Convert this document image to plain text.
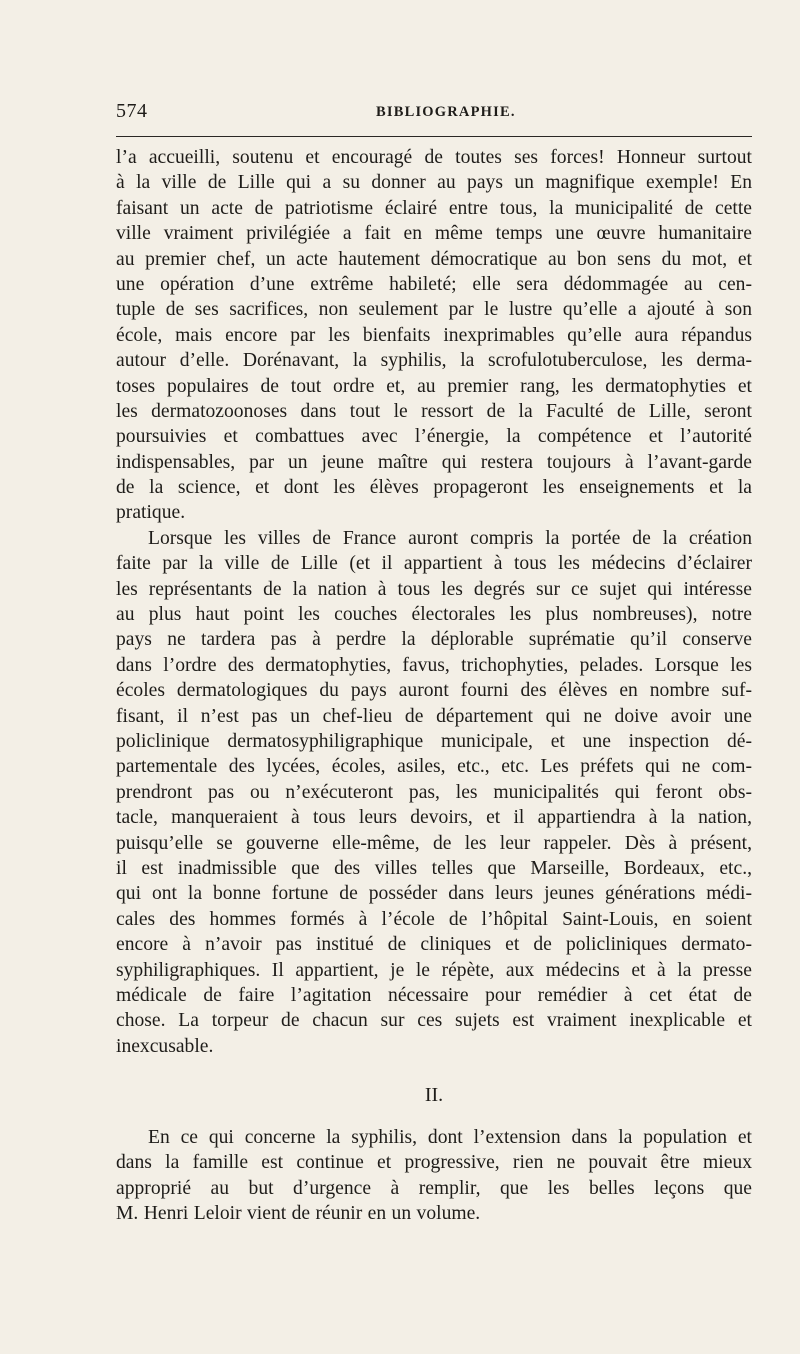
574	BIBLIOGRAPHIE.
l’a accueilli, soutenu et encouragé de toutes ses forces! Honneur surtout
à la ville de Lille qui a su donner au pays un magnifique exemple! En
faisant un acte de patriotisme éclairé entre tous, la municipalité de cette
ville vraiment privilégiée a fait en même temps une œuvre humanitaire
au premier chef, un acte hautement démocratique au bon sens du mot, et
une opération d’une extrême habileté; elle sera dédommagée au cen-
tuple de ses sacrifices, non seulement par le lustre qu’elle a ajouté à son
école, mais encore par les bienfaits inexprimables qu’elle aura répandus
autour d’elle. Dorénavant, la syphilis, la scrofulotuberculose, les derma-
toses populaires de tout ordre et, au premier rang, les dermatophyties et
les dermatozoonoses dans tout le ressort de la Faculté de Lille, seront
poursuivies et combattues avec l’énergie, la compétence et l’autorité
indispensables, par un jeune maître qui restera toujours à l’avant-garde
de la science, et dont les élèves propageront les enseignements et la
pratique.
Lorsque les villes de France auront compris la portée de la création
faite par la ville de Lille (et il appartient à tous les médecins d’éclairer
les représentants de la nation à tous les degrés sur ce sujet qui intéresse
au plus haut point les couches électorales les plus nombreuses), notre
pays ne tardera pas à perdre la déplorable suprématie qu’il conserve
dans l’ordre des dermatophyties, favus, trichophyties, pelades. Lorsque les
écoles dermatologiques du pays auront fourni des élèves en nombre suf-
fisant, il n’est pas un chef-lieu de département qui ne doive avoir une
policlinique dermatosyphiligraphique municipale, et une inspection dé-
partementale des lycées, écoles, asiles, etc., etc. Les préfets qui ne com-
prendront pas ou n’exécuteront pas, les municipalités qui feront obs-
tacle, manqueraient à tous leurs devoirs, et il appartiendra à la nation,
puisqu’elle se gouverne elle-même, de les leur rappeler. Dès à présent,
il est inadmissible que des villes telles que Marseille, Bordeaux, etc.,
qui ont la bonne fortune de posséder dans leurs jeunes générations médi-
cales des hommes formés à l’école de l’hôpital Saint-Louis, en soient
encore à n’avoir pas institué de cliniques et de policliniques dermato-
syphiligraphiques. Il appartient, je le répète, aux médecins et à la presse
médicale de faire l’agitation nécessaire pour remédier à cet état de
chose. La torpeur de chacun sur ces sujets est vraiment inexplicable et
inexcusable.
II.
En ce qui concerne la syphilis, dont l’extension dans la population et
dans la famille est continue et progressive, rien ne pouvait être mieux
approprié au but d’urgence à remplir, que les belles leçons que
M. Henri Leloir vient de réunir en un volume.
